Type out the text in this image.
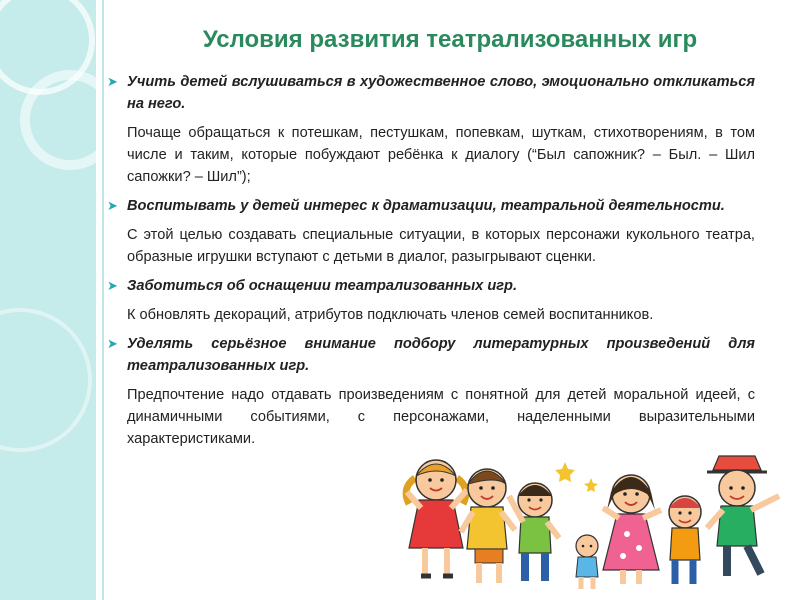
Условия развития театрализованных игр
➤ Учить детей вслушиваться в художественное слово, эмоционально откликаться на него.
Почаще обращаться к потешкам, пестушкам, попевкам, шуткам, стихотворениям, в том числе и таким, которые побуждают ребёнка к диалогу (“Был сапожник? – Был. – Шил сапожки? – Шил”);
➤ Воспитывать у детей интерес к драматизации, театральной деятельности.
С этой целью создавать специальные ситуации, в которых персонажи кукольного театра, образные игрушки вступают с детьми в диалог, разыгрывают сценки.
➤ Заботиться об оснащении театрализованных игр.
К обновлять декораций, атрибутов подключать членов семей воспитанников.
➤ Уделять серьёзное внимание подбору литературных произведений для театрализованных игр.
Предпочтение надо отдавать произведениям с понятной для детей моральной идеей, с динамичными событиями, с персонажами, наделенными выразительными характеристиками.
